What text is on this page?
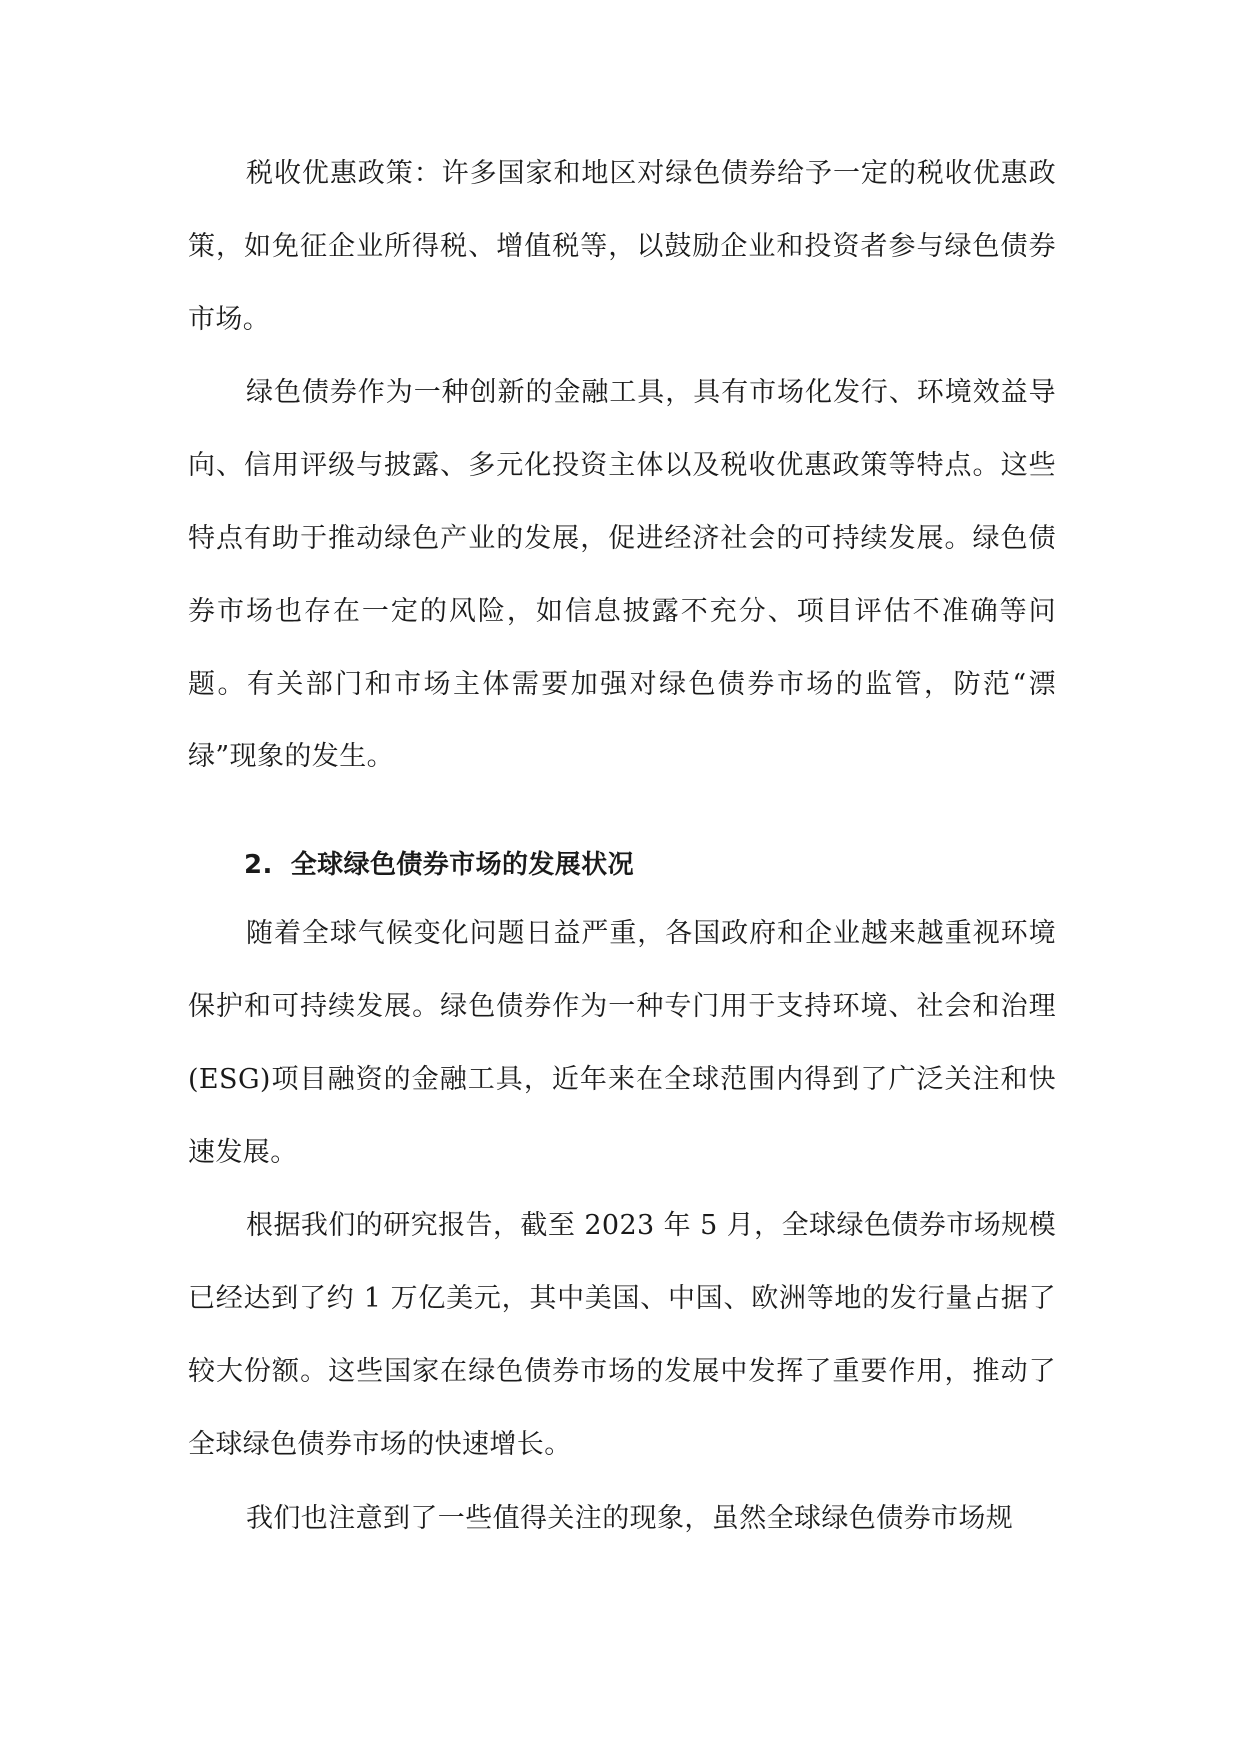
税收优惠政策：许多国家和地区对绿色债券给予一定的税收优惠政策，如免征企业所得税、增值税等，以鼓励企业和投资者参与绿色债券市场。

绿色债券作为一种创新的金融工具，具有市场化发行、环境效益导向、信用评级与披露、多元化投资主体以及税收优惠政策等特点。这些特点有助于推动绿色产业的发展，促进经济社会的可持续发展。绿色债券市场也存在一定的风险，如信息披露不充分、项目评估不准确等问题。有关部门和市场主体需要加强对绿色债券市场的监管，防范“漂绿”现象的发生。

2. 全球绿色债券市场的发展状况

随着全球气候变化问题日益严重，各国政府和企业越来越重视环境保护和可持续发展。绿色债券作为一种专门用于支持环境、社会和治理(ESG)项目融资的金融工具，近年来在全球范围内得到了广泛关注和快速发展。

根据我们的研究报告，截至 2023 年 5 月，全球绿色债券市场规模已经达到了约 1 万亿美元，其中美国、中国、欧洲等地的发行量占据了较大份额。这些国家在绿色债券市场的发展中发挥了重要作用，推动了全球绿色债券市场的快速增长。

我们也注意到了一些值得关注的现象，虽然全球绿色债券市场规
